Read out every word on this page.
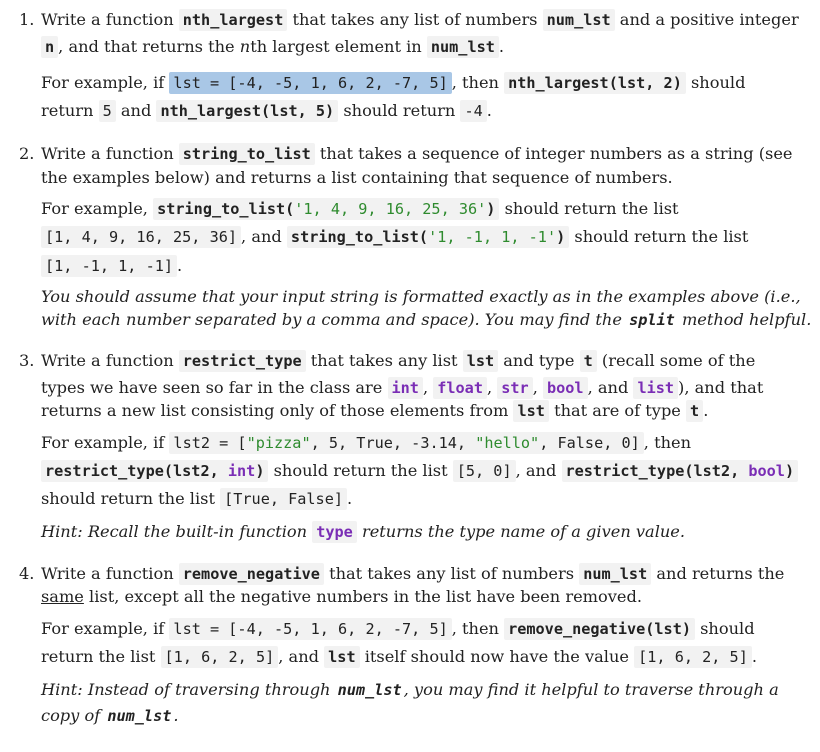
1. Write a function nth_largest that takes any list of numbers num_lst and a positive integer
n , and that returns the nth largest element in num_lst .
For example, if lst = [-4, -5, 1, 6, 2, -7, 5] , then nth_largest(lst, 2) should
return 5 and nth_largest(lst, 5) should return -4 .
2. Write a function string_to_list that takes a sequence of integer numbers as a string (see
the examples below) and returns a list containing that sequence of numbers.
For example, string_to_list('1, 4, 9, 16, 25, 36') should return the list
[1, 4, 9, 16, 25, 36] , and string_to_list('1, -1, 1, -1') should return the list
[1, -1, 1, -1] .
You should assume that your input string is formatted exactly as in the examples above (i.e.,
with each number separated by a comma and space). You may find the split method helpful.
3. Write a function restrict_type that takes any list lst and type t (recall some of the
types we have seen so far in the class are int , float , str , bool , and list ), and that
returns a new list consisting only of those elements from lst that are of type t .
For example, if lst2 = ["pizza", 5, True, -3.14, "hello", False, 0] , then
restrict_type(lst2, int) should return the list [5, 0] , and restrict_type(lst2, bool)
should return the list [True, False] .
Hint: Recall the built-in function type returns the type name of a given value.
4. Write a function remove_negative that takes any list of numbers num_lst and returns the
same list, except all the negative numbers in the list have been removed.
For example, if lst = [-4, -5, 1, 6, 2, -7, 5] , then remove_negative(lst) should
return the list [1, 6, 2, 5] , and lst itself should now have the value [1, 6, 2, 5] .
Hint: Instead of traversing through num_lst , you may find it helpful to traverse through a
copy of num_lst .
